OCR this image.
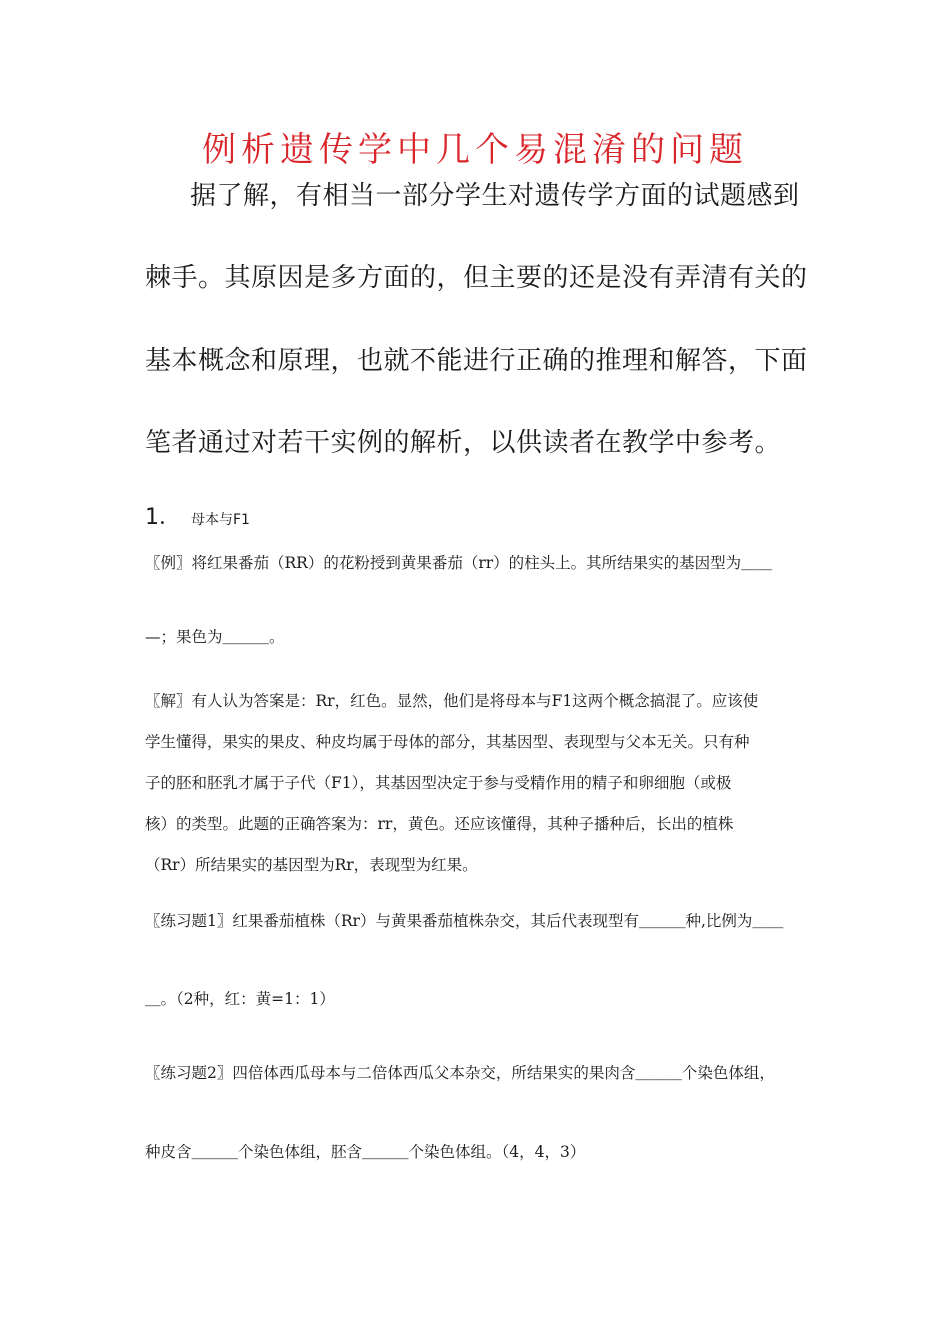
例析遗传学中几个易混淆的问题
据了解，有相当一部分学生对遗传学方面的试题感到
棘手。其原因是多方面的，但主要的还是没有弄清有关的
基本概念和原理，也就不能进行正确的推理和解答，下面
笔者通过对若干实例的解析，以供读者在教学中参考。
1． 母本与F1
〖例〗将红果番茄（RR）的花粉授到黄果番茄（rr）的柱头上。其所结果实的基因型为＿＿
—；果色为＿＿＿。
〖解〗有人认为答案是：Rr，红色。显然，他们是将母本与F1这两个概念搞混了。应该使
学生懂得，果实的果皮、种皮均属于母体的部分，其基因型、表现型与父本无关。只有种
子的胚和胚乳才属于子代（F1），其基因型决定于参与受精作用的精子和卵细胞（或极
核）的类型。此题的正确答案为：rr，黄色。还应该懂得，其种子播种后，长出的植株
（Rr）所结果实的基因型为Rr，表现型为红果。
〖练习题1〗红果番茄植株（Rr）与黄果番茄植株杂交，其后代表现型有＿＿＿种,比例为＿＿
＿。（2种，红：黄=1：1）
〖练习题2〗四倍体西瓜母本与二倍体西瓜父本杂交，所结果实的果肉含＿＿＿个染色体组，
种皮含＿＿＿个染色体组，胚含＿＿＿个染色体组。（4，4，3）
